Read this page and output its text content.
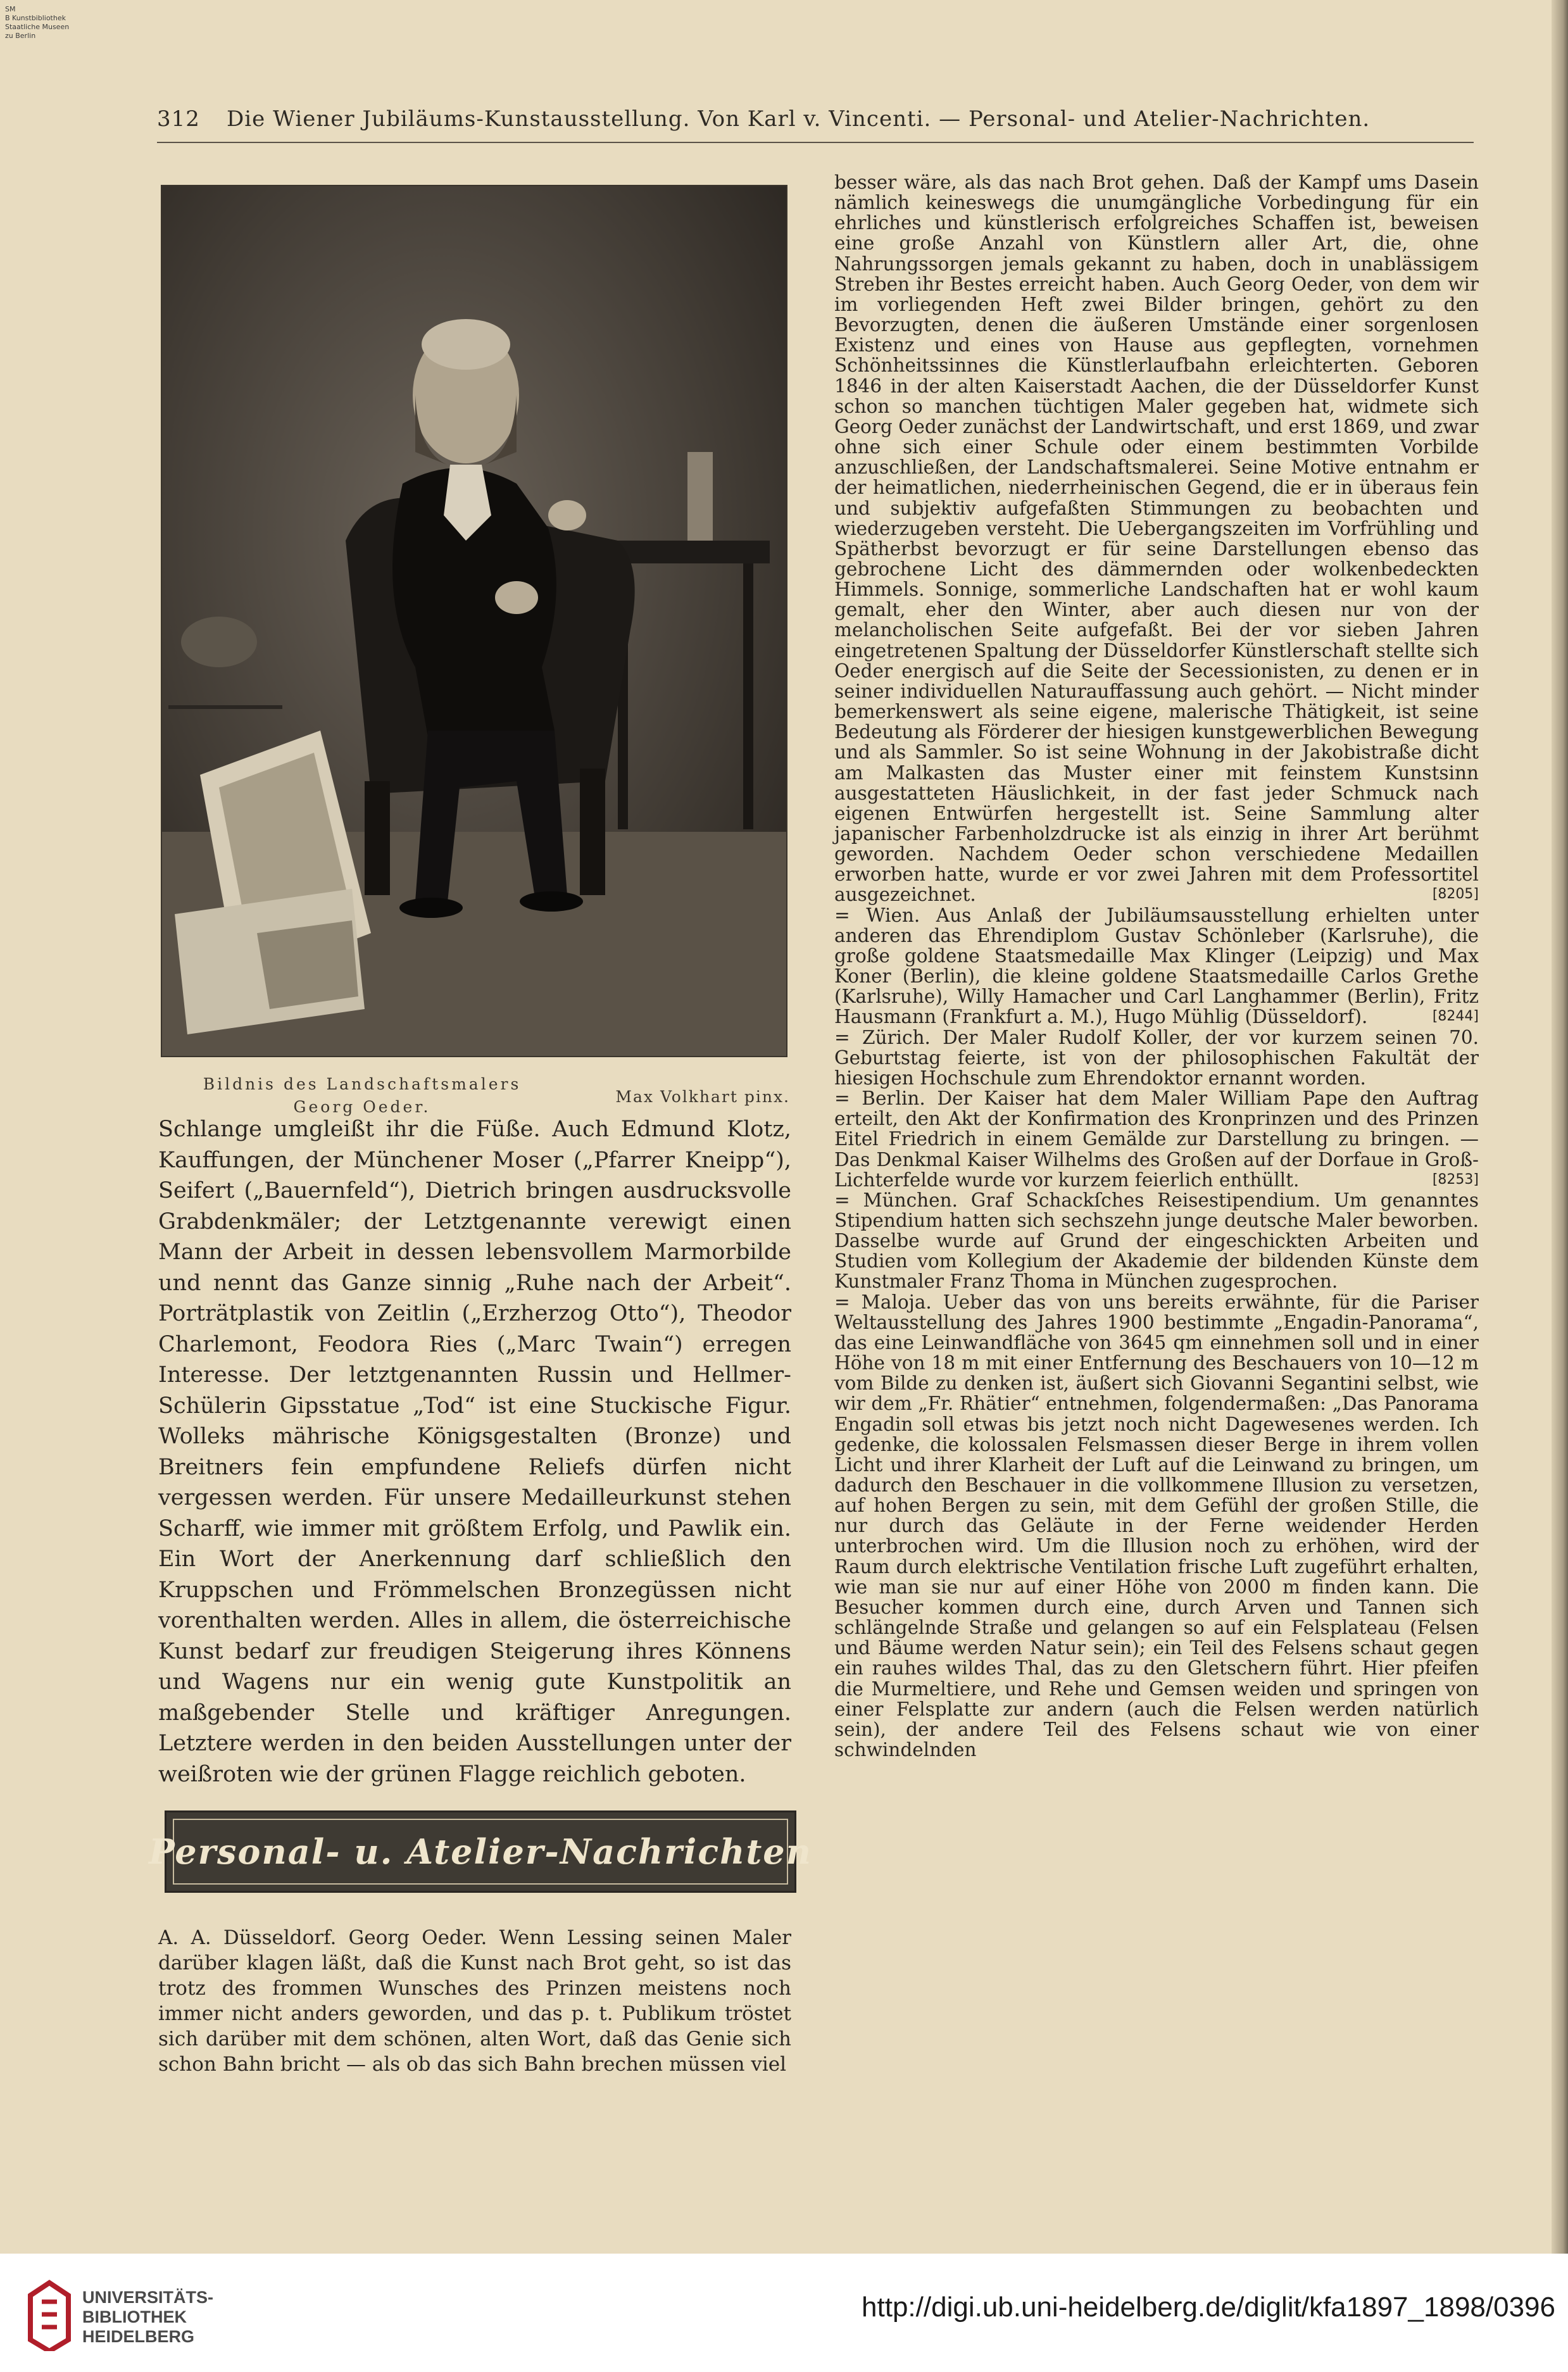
SM
B Kunstbibliothek
Staatliche Museen
zu Berlin
312 Die Wiener Jubiläums-Kunstausstellung. Von Karl v. Vincenti. — Personal- und Atelier-Nachrichten.
Bildnis des Landschaftsmalers Georg Oeder.
Max Volkhart pinx.

Schlange umgleißt ihr die Füße. Auch Edmund Klotz, Kauffungen, der Münchener Moser („Pfarrer Kneipp“), Seifert („Bauernfeld“), Dietrich bringen ausdrucksvolle Grabdenkmäler; der Letztgenannte verewigt einen Mann der Arbeit in dessen lebensvollem Marmorbilde und nennt das Ganze sinnig „Ruhe nach der Arbeit“. Porträtplastik von Zeitlin („Erzherzog Otto“), Theodor Charlemont, Feodora Ries („Marc Twain“) erregen Interesse. Der letztgenannten Russin und Hellmer-Schülerin Gipsstatue „Tod“ ist eine Stuckische Figur. Wolleks mährische Königsgestalten (Bronze) und Breitners fein empfundene Reliefs dürfen nicht vergessen werden. Für unsere Medailleurkunst stehen Scharff, wie immer mit größtem Erfolg, und Pawlik ein. Ein Wort der Anerkennung darf schließlich den Kruppschen und Frömmelschen Bronzegüssen nicht vorenthalten werden. Alles in allem, die österreichische Kunst bedarf zur freudigen Steigerung ihres Könnens und Wagens nur ein wenig gute Kunstpolitik an maßgebender Stelle und kräftiger Anregungen. Letztere werden in den beiden Ausstellungen unter der weißroten wie der grünen Flagge reichlich geboten.

Personal- u. Atelier-Nachrichten

A. A. Düsseldorf. Georg Oeder. Wenn Lessing seinen Maler darüber klagen läßt, daß die Kunst nach Brot geht, so ist das trotz des frommen Wunsches des Prinzen meistens noch immer nicht anders geworden, und das p. t. Publikum tröstet sich darüber mit dem schönen, alten Wort, daß das Genie sich schon Bahn bricht — als ob das sich Bahn brechen müssen viel

besser wäre, als das nach Brot gehen. Daß der Kampf ums Dasein nämlich keineswegs die unumgängliche Vorbedingung für ein ehrliches und künstlerisch erfolgreiches Schaffen ist, beweisen eine große Anzahl von Künstlern aller Art, die, ohne Nahrungssorgen jemals gekannt zu haben, doch in unablässigem Streben ihr Bestes erreicht haben. Auch Georg Oeder, von dem wir im vorliegenden Heft zwei Bilder bringen, gehört zu den Bevorzugten, denen die äußeren Umstände einer sorgenlosen Existenz und eines von Hause aus gepflegten, vornehmen Schönheitssinnes die Künstlerlaufbahn erleichterten. Geboren 1846 in der alten Kaiserstadt Aachen, die der Düsseldorfer Kunst schon so manchen tüchtigen Maler gegeben hat, widmete sich Georg Oeder zunächst der Landwirtschaft, und erst 1869, und zwar ohne sich einer Schule oder einem bestimmten Vorbilde anzuschließen, der Landschaftsmalerei. Seine Motive entnahm er der heimatlichen, niederrheinischen Gegend, die er in überaus fein und subjektiv aufgefaßten Stimmungen zu beobachten und wiederzugeben versteht. Die Uebergangszeiten im Vorfrühling und Spätherbst bevorzugt er für seine Darstellungen ebenso das gebrochene Licht des dämmernden oder wolkenbedeckten Himmels. Sonnige, sommerliche Landschaften hat er wohl kaum gemalt, eher den Winter, aber auch diesen nur von der melancholischen Seite aufgefaßt. Bei der vor sieben Jahren eingetretenen Spaltung der Düsseldorfer Künstlerschaft stellte sich Oeder energisch auf die Seite der Secessionisten, zu denen er in seiner individuellen Naturauffassung auch gehört. — Nicht minder bemerkenswert als seine eigene, malerische Thätigkeit, ist seine Bedeutung als Förderer der hiesigen kunstgewerblichen Bewegung und als Sammler. So ist seine Wohnung in der Jakobistraße dicht am Malkasten das Muster einer mit feinstem Kunstsinn ausgestatteten Häuslichkeit, in der fast jeder Schmuck nach eigenen Entwürfen hergestellt ist. Seine Sammlung alter japanischer Farbenholzdrucke ist als einzig in ihrer Art berühmt geworden. Nachdem Oeder schon verschiedene Medaillen erworben hatte, wurde er vor zwei Jahren mit dem Professortitel ausgezeichnet.	[8205]

= Wien. Aus Anlaß der Jubiläumsausstellung erhielten unter anderen das Ehrendiplom Gustav Schönleber (Karlsruhe), die große goldene Staatsmedaille Max Klinger (Leipzig) und Max Koner (Berlin), die kleine goldene Staatsmedaille Carlos Grethe (Karlsruhe), Willy Hamacher und Carl Langhammer (Berlin), Fritz Hausmann (Frankfurt a. M.), Hugo Mühlig (Düsseldorf).	[8244]

= Zürich. Der Maler Rudolf Koller, der vor kurzem seinen 70. Geburtstag feierte, ist von der philosophischen Fakultät der hiesigen Hochschule zum Ehrendoktor ernannt worden.

= Berlin. Der Kaiser hat dem Maler William Pape den Auftrag erteilt, den Akt der Konfirmation des Kronprinzen und des Prinzen Eitel Friedrich in einem Gemälde zur Darstellung zu bringen. — Das Denkmal Kaiser Wilhelms des Großen auf der Dorfaue in Groß-Lichterfelde wurde vor kurzem feierlich enthüllt.	[8253]

= München. Graf Schackſches Reisestipendium. Um genanntes Stipendium hatten sich sechszehn junge deutsche Maler beworben. Dasselbe wurde auf Grund der eingeschickten Arbeiten und Studien vom Kollegium der Akademie der bildenden Künste dem Kunstmaler Franz Thoma in München zugesprochen.

= Maloja. Ueber das von uns bereits erwähnte, für die Pariser Weltausstellung des Jahres 1900 bestimmte „Engadin-Panorama“, das eine Leinwandfläche von 3645 qm einnehmen soll und in einer Höhe von 18 m mit einer Entfernung des Beschauers von 10—12 m vom Bilde zu denken ist, äußert sich Giovanni Segantini selbst, wie wir dem „Fr. Rhätier“ entnehmen, folgendermaßen: „Das Panorama Engadin soll etwas bis jetzt noch nicht Dagewesenes werden. Ich gedenke, die kolossalen Felsmassen dieser Berge in ihrem vollen Licht und ihrer Klarheit der Luft auf die Leinwand zu bringen, um dadurch den Beschauer in die vollkommene Illusion zu versetzen, auf hohen Bergen zu sein, mit dem Gefühl der großen Stille, die nur durch das Geläute in der Ferne weidender Herden unterbrochen wird. Um die Illusion noch zu erhöhen, wird der Raum durch elektrische Ventilation frische Luft zugeführt erhalten, wie man sie nur auf einer Höhe von 2000 m finden kann. Die Besucher kommen durch eine, durch Arven und Tannen sich schlängelnde Straße und gelangen so auf ein Felsplateau (Felsen und Bäume werden Natur sein); ein Teil des Felsens schaut gegen ein rauhes wildes Thal, das zu den Gletschern führt. Hier pfeifen die Murmeltiere, und Rehe und Gemsen weiden und springen von einer Felsplatte zur andern (auch die Felsen werden natürlich sein), der andere Teil des Felsens schaut wie von einer schwindelnden

UNIVERSITÄTS-
BIBLIOTHEK
HEIDELBERG
http://digi.ub.uni-heidelberg.de/diglit/kfa1897_1898/0396
